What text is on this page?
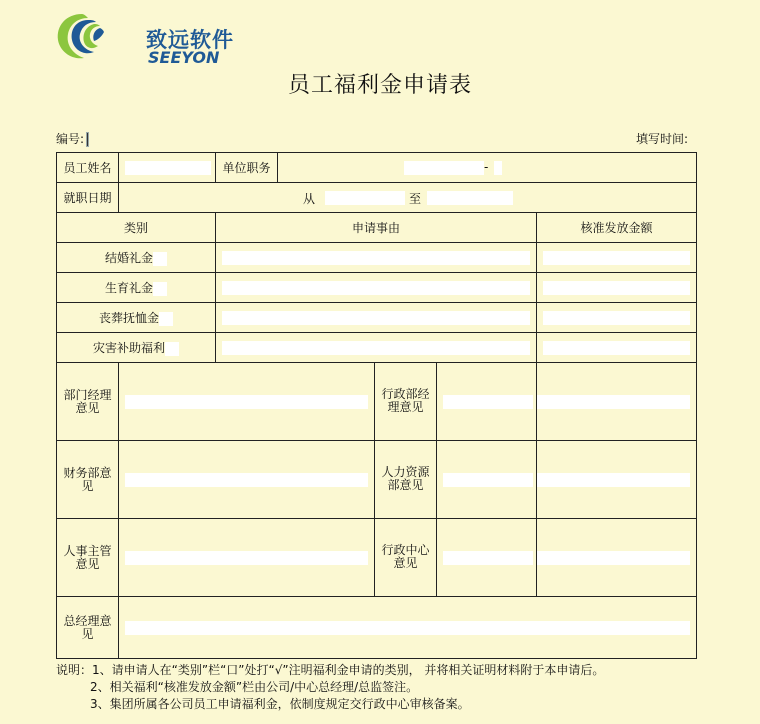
致远软件
SEEYON
员工福利金申请表
编号:	填写时间:
员工姓名		单位职务	-		

就职日期	从 至				

类别		申请事由			核准发放金额
结婚礼金				

生育礼金				

丧葬抚恤金				

灾害补助福利				

部门经理意见				行政部经理意见	

财务部意见				人力资源部意见	

人事主管意见				行政中心意见	

总经理意见					
说明：1、请申请人在“类别”栏“口”处打“√”注明福利金申请的类别， 并将相关证明材料附于本申请后。
2、相关福利“核准发放金额”栏由公司/中心总经理/总监签注。
3、集团所属各公司员工申请福利金，依制度规定交行政中心审核备案。
